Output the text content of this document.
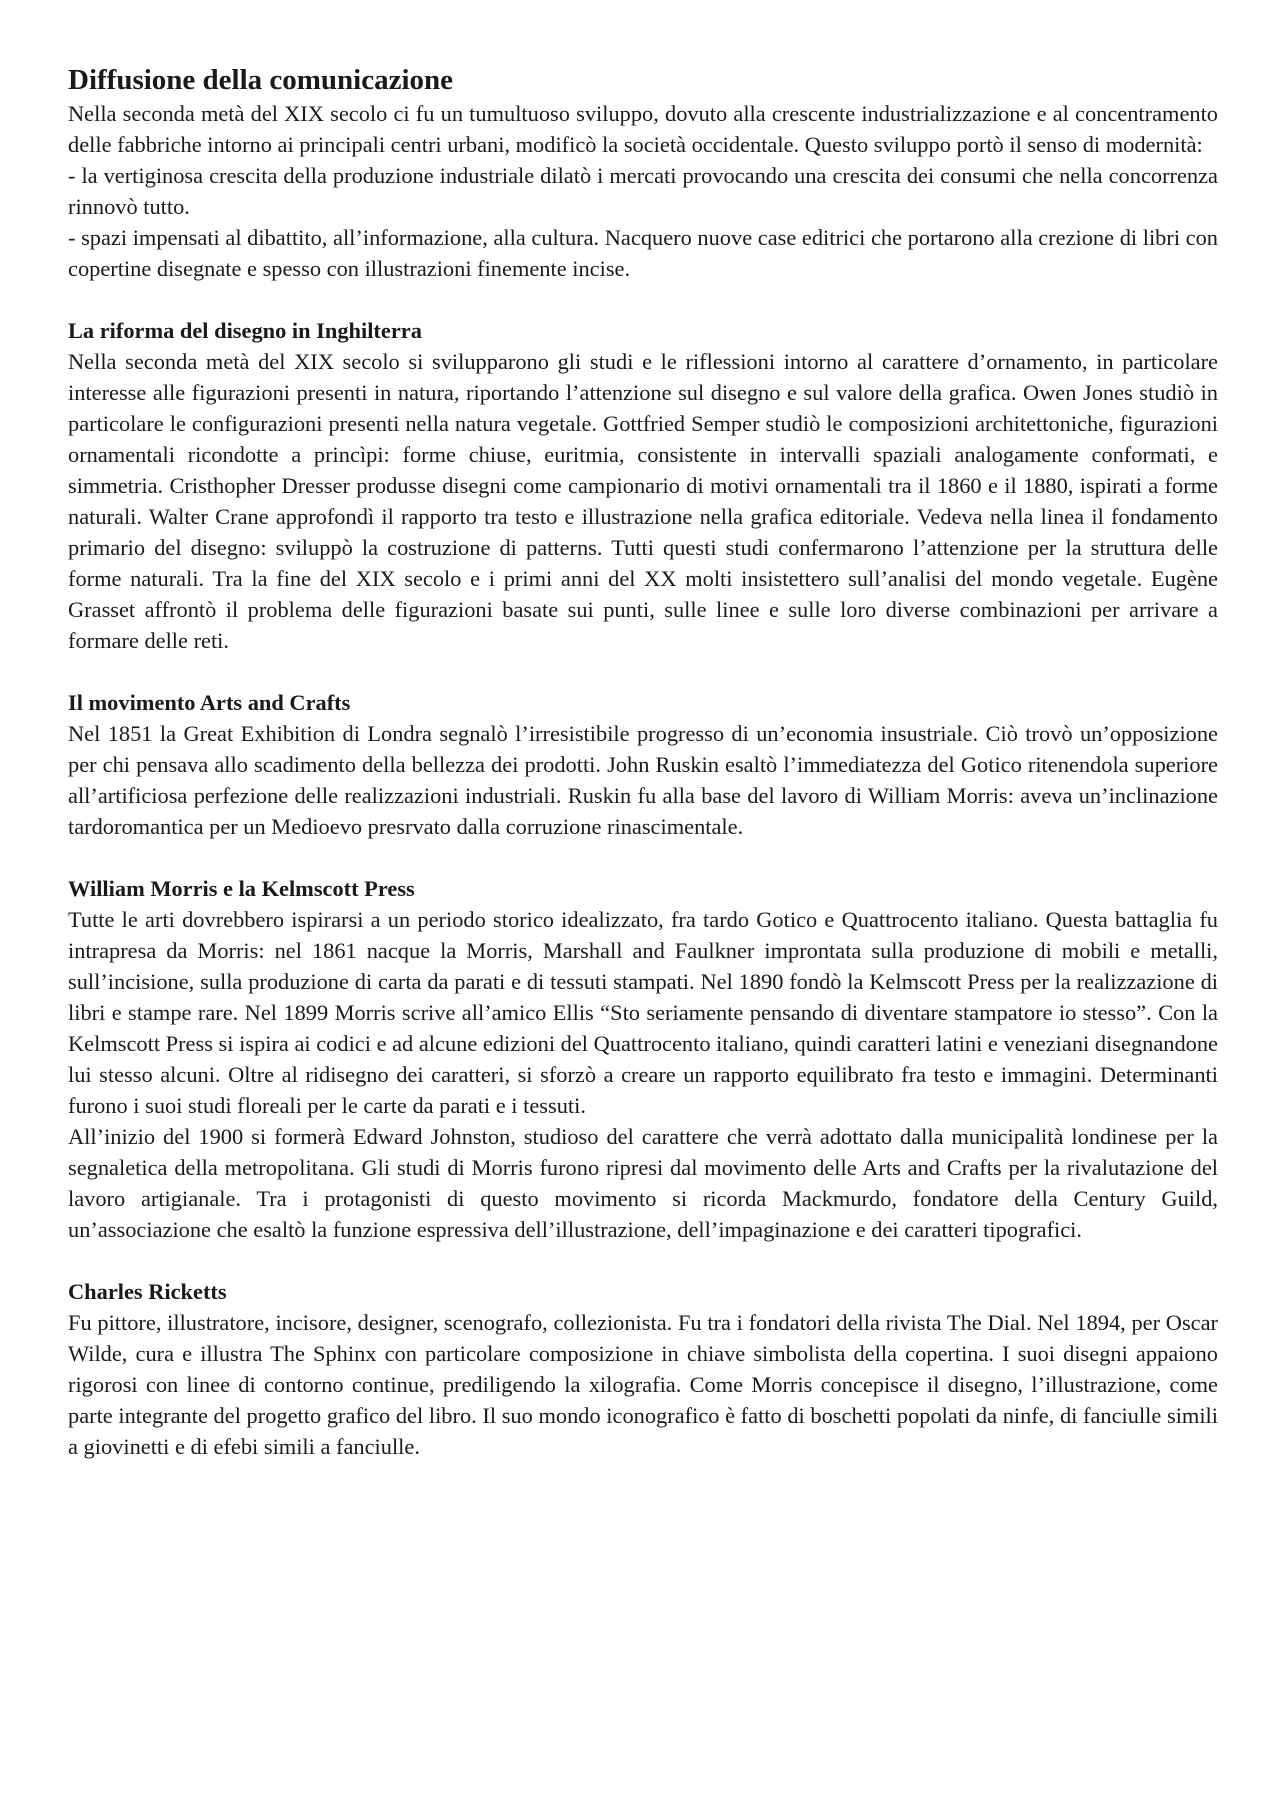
Diffusione della comunicazione

Nella seconda metà del XIX secolo ci fu un tumultuoso sviluppo, dovuto alla crescente industrializzazione e al concentramento delle fabbriche intorno ai principali centri urbani, modificò la società occidentale. Questo sviluppo portò il senso di modernità:

- la vertiginosa crescita della produzione industriale dilatò i mercati provocando una crescita dei consumi che nella concorrenza rinnovò tutto.

- spazi impensati al dibattito, all’informazione, alla cultura. Nacquero nuove case editrici che portarono alla crezione di libri con copertine disegnate e spesso con illustrazioni finemente incise.

La riforma del disegno in Inghilterra

Nella seconda metà del XIX secolo si svilupparono gli studi e le riflessioni intorno al carattere d’ornamento, in particolare interesse alle figurazioni presenti in natura, riportando l’attenzione sul disegno e sul valore della grafica. Owen Jones studiò in particolare le configurazioni presenti nella natura vegetale. Gottfried Semper studiò le composizioni architettoniche, figurazioni ornamentali ricondotte a princìpi: forme chiuse, euritmia, consistente in intervalli spaziali analogamente conformati, e simmetria. Cristhopher Dresser produsse disegni come campionario di motivi ornamentali tra il 1860 e il 1880, ispirati a forme naturali. Walter Crane approfondì il rapporto tra testo e illustrazione nella grafica editoriale. Vedeva nella linea il fondamento primario del disegno: sviluppò la costruzione di patterns. Tutti questi studi confermarono l’attenzione per la struttura delle forme naturali. Tra la fine del XIX secolo e i primi anni del XX molti insistettero sull’analisi del mondo vegetale. Eugène Grasset affrontò il problema delle figurazioni basate sui punti, sulle linee e sulle loro diverse combinazioni per arrivare a formare delle reti.

Il movimento Arts and Crafts

Nel 1851 la Great Exhibition di Londra segnalò l’irresistibile progresso di un’economia insustriale. Ciò trovò un’opposizione per chi pensava allo scadimento della bellezza dei prodotti. John Ruskin esaltò l’immediatezza del Gotico ritenendola superiore all’artificiosa perfezione delle realizzazioni industriali. Ruskin fu alla base del lavoro di William Morris: aveva un’inclinazione tardoromantica per un Medioevo presrvato dalla corruzione rinascimentale.

William Morris e la Kelmscott Press

Tutte le arti dovrebbero ispirarsi a un periodo storico idealizzato, fra tardo Gotico e Quattrocento italiano. Questa battaglia fu intrapresa da Morris: nel 1861 nacque la Morris, Marshall and Faulkner improntata sulla produzione di mobili e metalli, sull’incisione, sulla produzione di carta da parati e di tessuti stampati. Nel 1890 fondò la Kelmscott Press per la realizzazione di libri e stampe rare. Nel 1899 Morris scrive all’amico Ellis “Sto seriamente pensando di diventare stampatore io stesso”. Con la Kelmscott Press si ispira ai codici e ad alcune edizioni del Quattrocento italiano, quindi caratteri latini e veneziani disegnandone lui stesso alcuni. Oltre al ridisegno dei caratteri, si sforzò a creare un rapporto equilibrato fra testo e immagini. Determinanti furono i suoi studi floreali per le carte da parati e i tessuti.

All’inizio del 1900 si formerà Edward Johnston, studioso del carattere che verrà adottato dalla municipalità londinese per la segnaletica della metropolitana. Gli studi di Morris furono ripresi dal movimento delle Arts and Crafts per la rivalutazione del lavoro artigianale. Tra i protagonisti di questo movimento si ricorda Mackmurdo, fondatore della Century Guild, un’associazione che esaltò la funzione espressiva dell’illustrazione, dell’impaginazione e dei caratteri tipografici.

Charles Ricketts

Fu pittore, illustratore, incisore, designer, scenografo, collezionista. Fu tra i fondatori della rivista The Dial. Nel 1894, per Oscar Wilde, cura e illustra The Sphinx con particolare composizione in chiave simbolista della copertina. I suoi disegni appaiono rigorosi con linee di contorno continue, prediligendo la xilografia. Come Morris concepisce il disegno, l’illustrazione, come parte integrante del progetto grafico del libro. Il suo mondo iconografico è fatto di boschetti popolati da ninfe, di fanciulle simili a giovinetti e di efebi simili a fanciulle.
